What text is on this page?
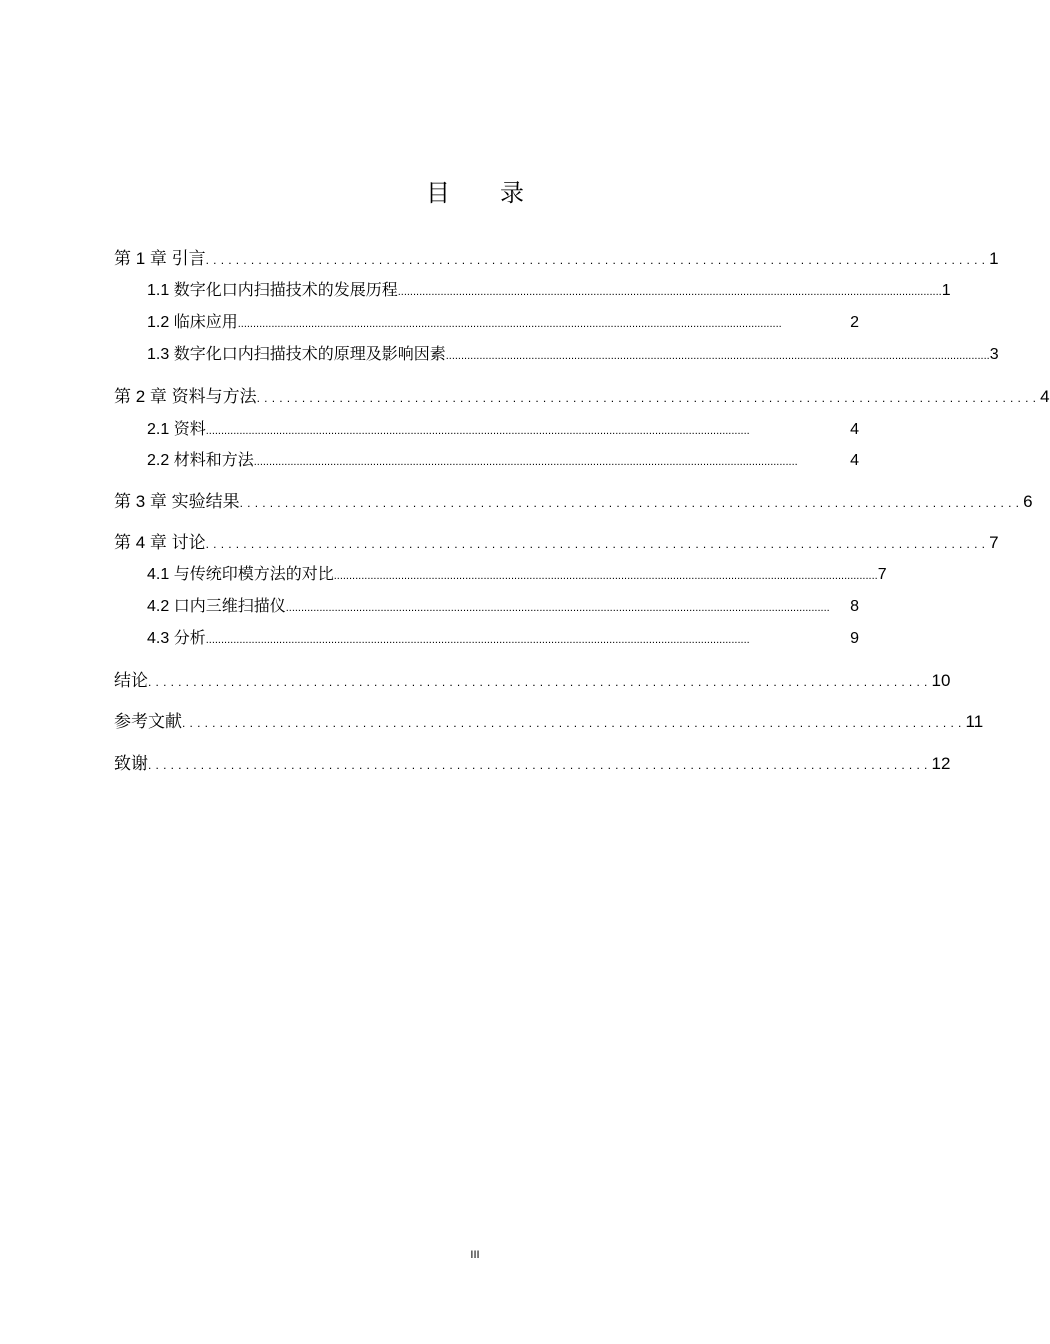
目 录
第 1 章 引言 ........................................................................................................ 1
1.1 数字化口内扫描技术的发展历程 .................................................................................................................................................................................. 1
1.2 临床应用 ..................................................................................................................................................................................	2
1.3 数字化口内扫描技术的原理及影响因素 .................................................................................................................................................................................. 3
第 2 章 资料与方法 ........................................................................................................ 4
2.1 资料 ..................................................................................................................................................................................	4
2.2 材料和方法 ..................................................................................................................................................................................	4
第 3 章 实验结果 ........................................................................................................ 6
第 4 章 讨论 ........................................................................................................ 7
4.1 与传统印模方法的对比 .................................................................................................................................................................................. 7
4.2 口内三维扫描仪 ..................................................................................................................................................................................	8
4.3 分析 ..................................................................................................................................................................................	9
结论 ........................................................................................................ 10
参考文献 ........................................................................................................ 11
致谢 ........................................................................................................ 12
III
